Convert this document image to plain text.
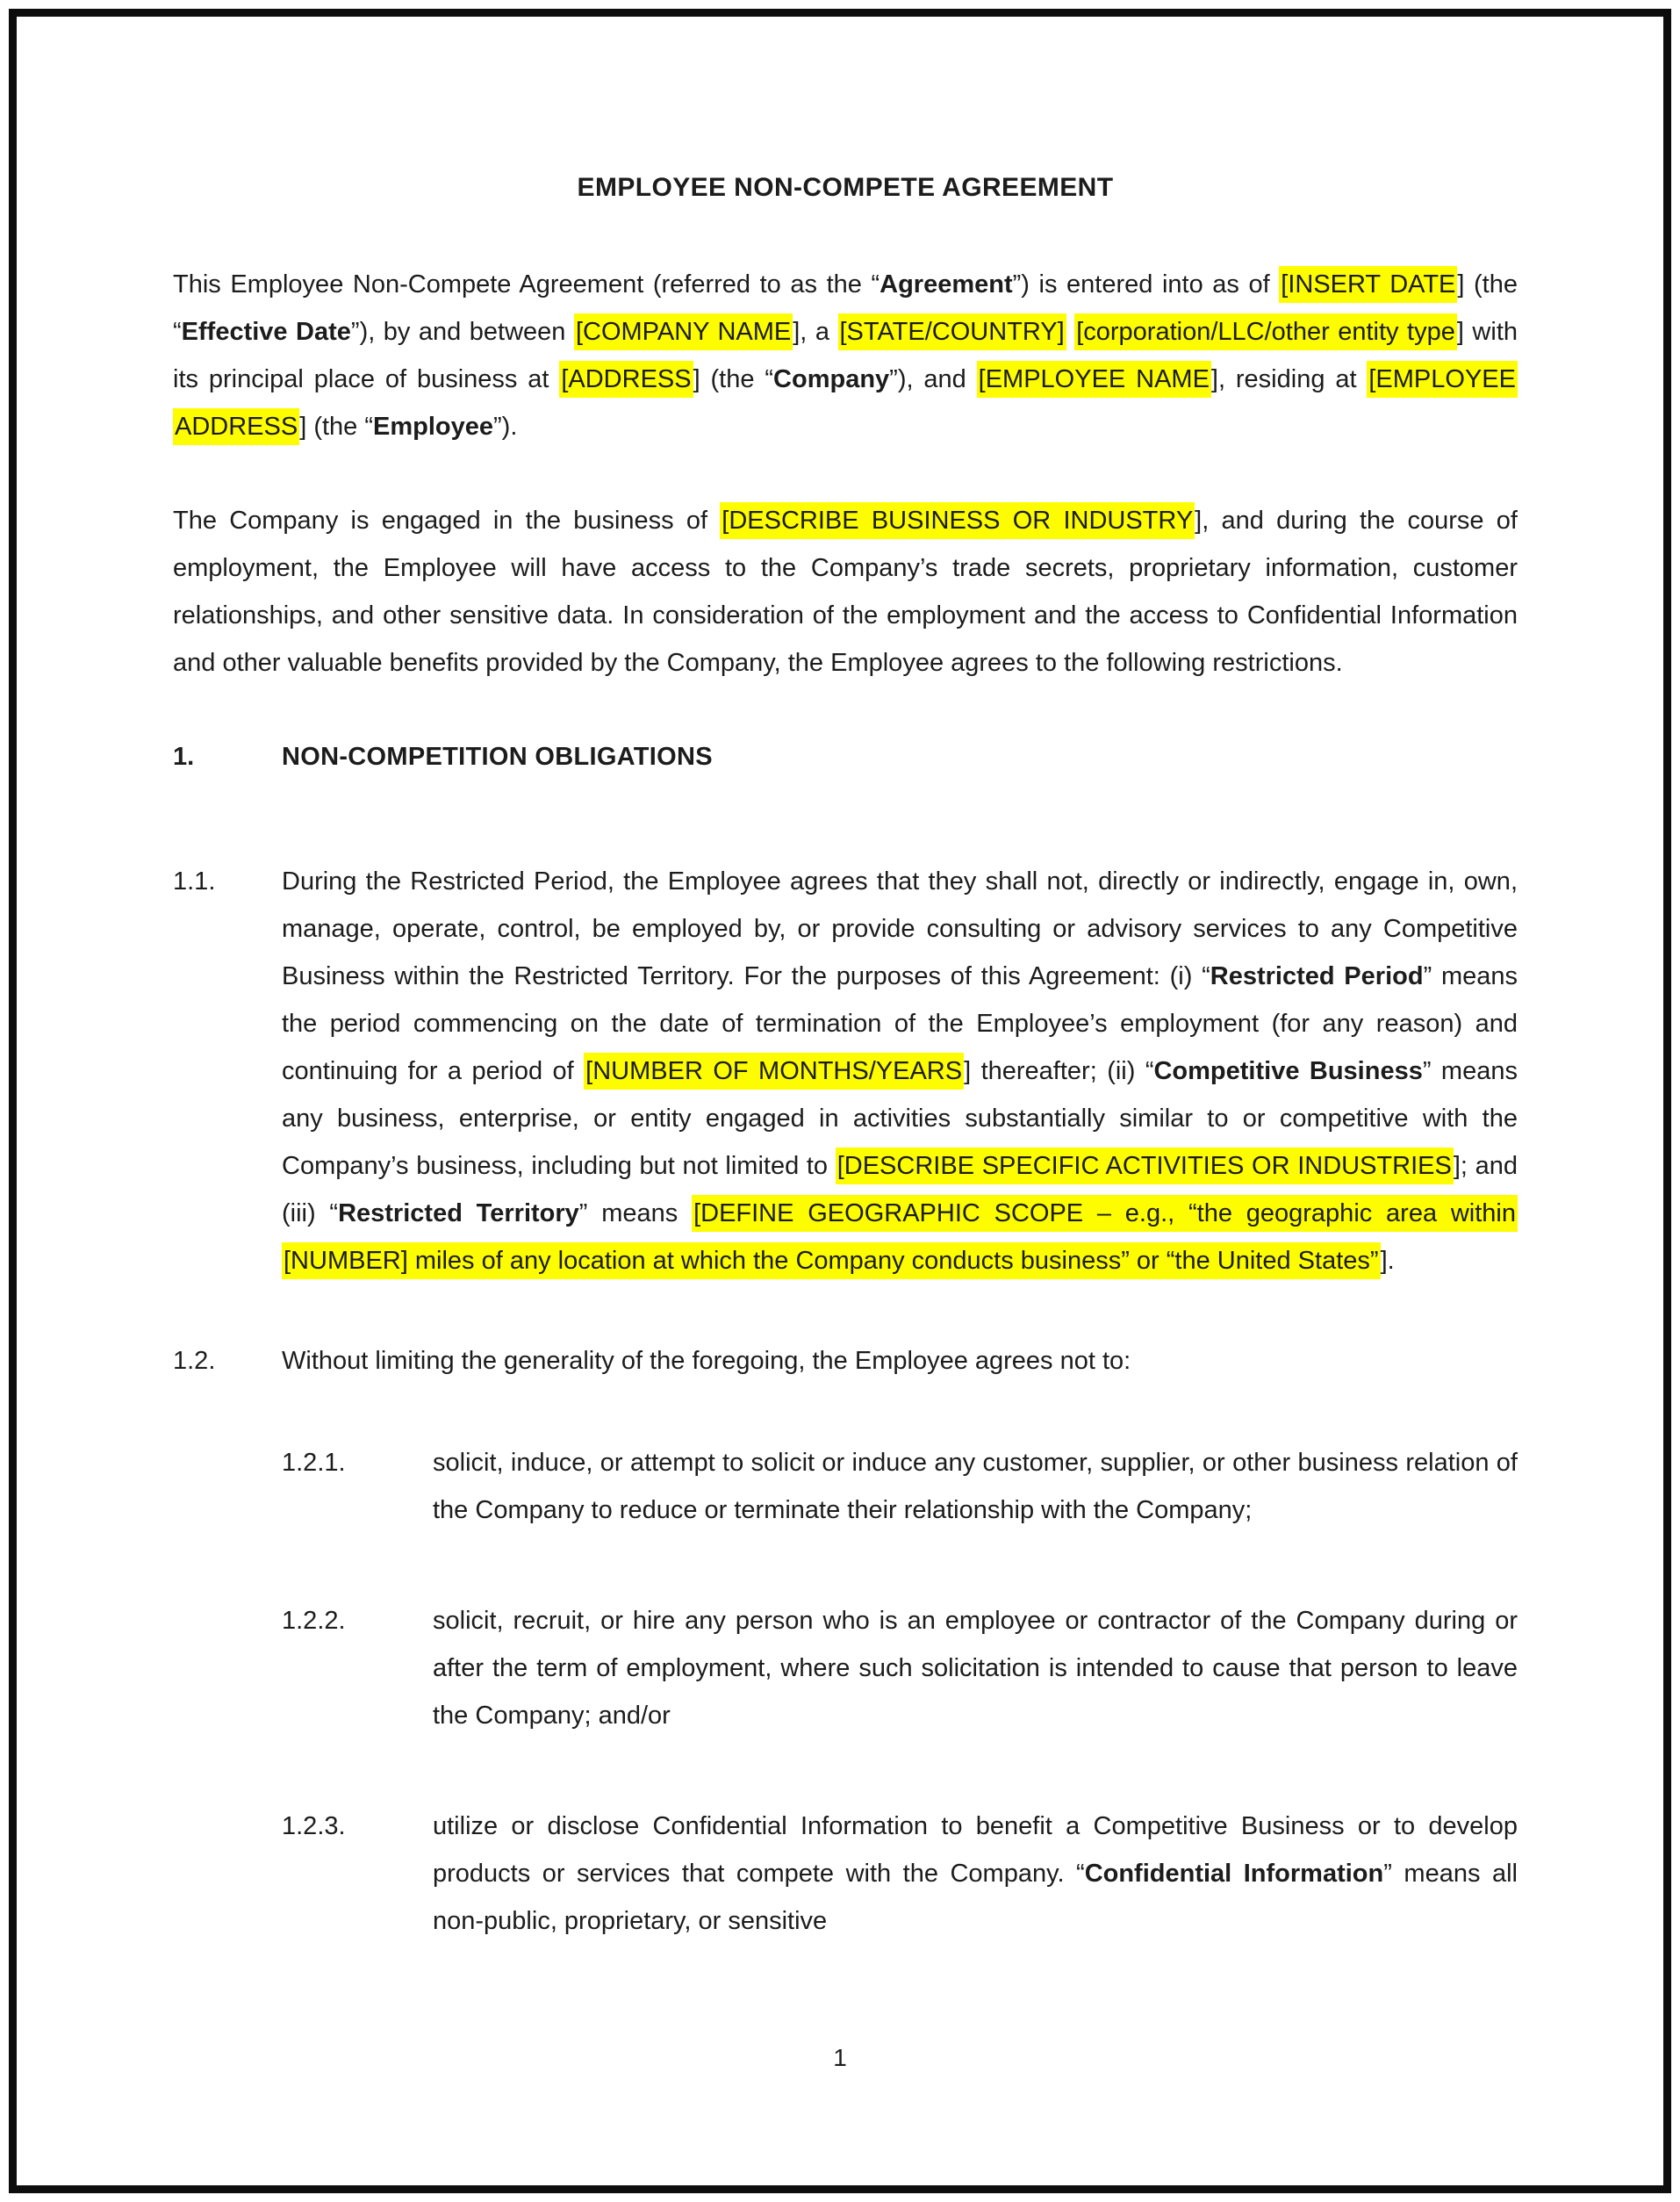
EMPLOYEE NON-COMPETE AGREEMENT

This Employee Non-Compete Agreement (referred to as the “Agreement”) is entered into as of [INSERT DATE] (the “Effective Date”), by and between [COMPANY NAME], a [STATE/COUNTRY] [corporation/LLC/other entity type] with its principal place of business at [ADDRESS] (the “Company”), and [EMPLOYEE NAME], residing at [EMPLOYEE ADDRESS] (the “Employee”).

The Company is engaged in the business of [DESCRIBE BUSINESS OR INDUSTRY], and during the course of employment, the Employee will have access to the Company’s trade secrets, proprietary information, customer relationships, and other sensitive data. In consideration of the employment and the access to Confidential Information and other valuable benefits provided by the Company, the Employee agrees to the following restrictions.

1.	NON-COMPETITION OBLIGATIONS
1.1.	During the Restricted Period, the Employee agrees that they shall not, directly or indirectly, engage in, own, manage, operate, control, be employed by, or provide consulting or advisory services to any Competitive Business within the Restricted Territory. For the purposes of this Agreement: (i) “Restricted Period” means the period commencing on the date of termination of the Employee’s employment (for any reason) and continuing for a period of [NUMBER OF MONTHS/YEARS] thereafter; (ii) “Competitive Business” means any business, enterprise, or entity engaged in activities substantially similar to or competitive with the Company’s business, including but not limited to [DESCRIBE SPECIFIC ACTIVITIES OR INDUSTRIES]; and (iii) “Restricted Territory” means [DEFINE GEOGRAPHIC SCOPE – e.g., “the geographic area within [NUMBER] miles of any location at which the Company conducts business” or “the United States”].
1.2.	Without limiting the generality of the foregoing, the Employee agrees not to:
1.2.1.	solicit, induce, or attempt to solicit or induce any customer, supplier, or other business relation of the Company to reduce or terminate their relationship with the Company;
1.2.2.	solicit, recruit, or hire any person who is an employee or contractor of the Company during or after the term of employment, where such solicitation is intended to cause that person to leave the Company; and/or
1.2.3.	utilize or disclose Confidential Information to benefit a Competitive Business or to develop products or services that compete with the Company. “Confidential Information” means all non-public, proprietary, or sensitive
1
